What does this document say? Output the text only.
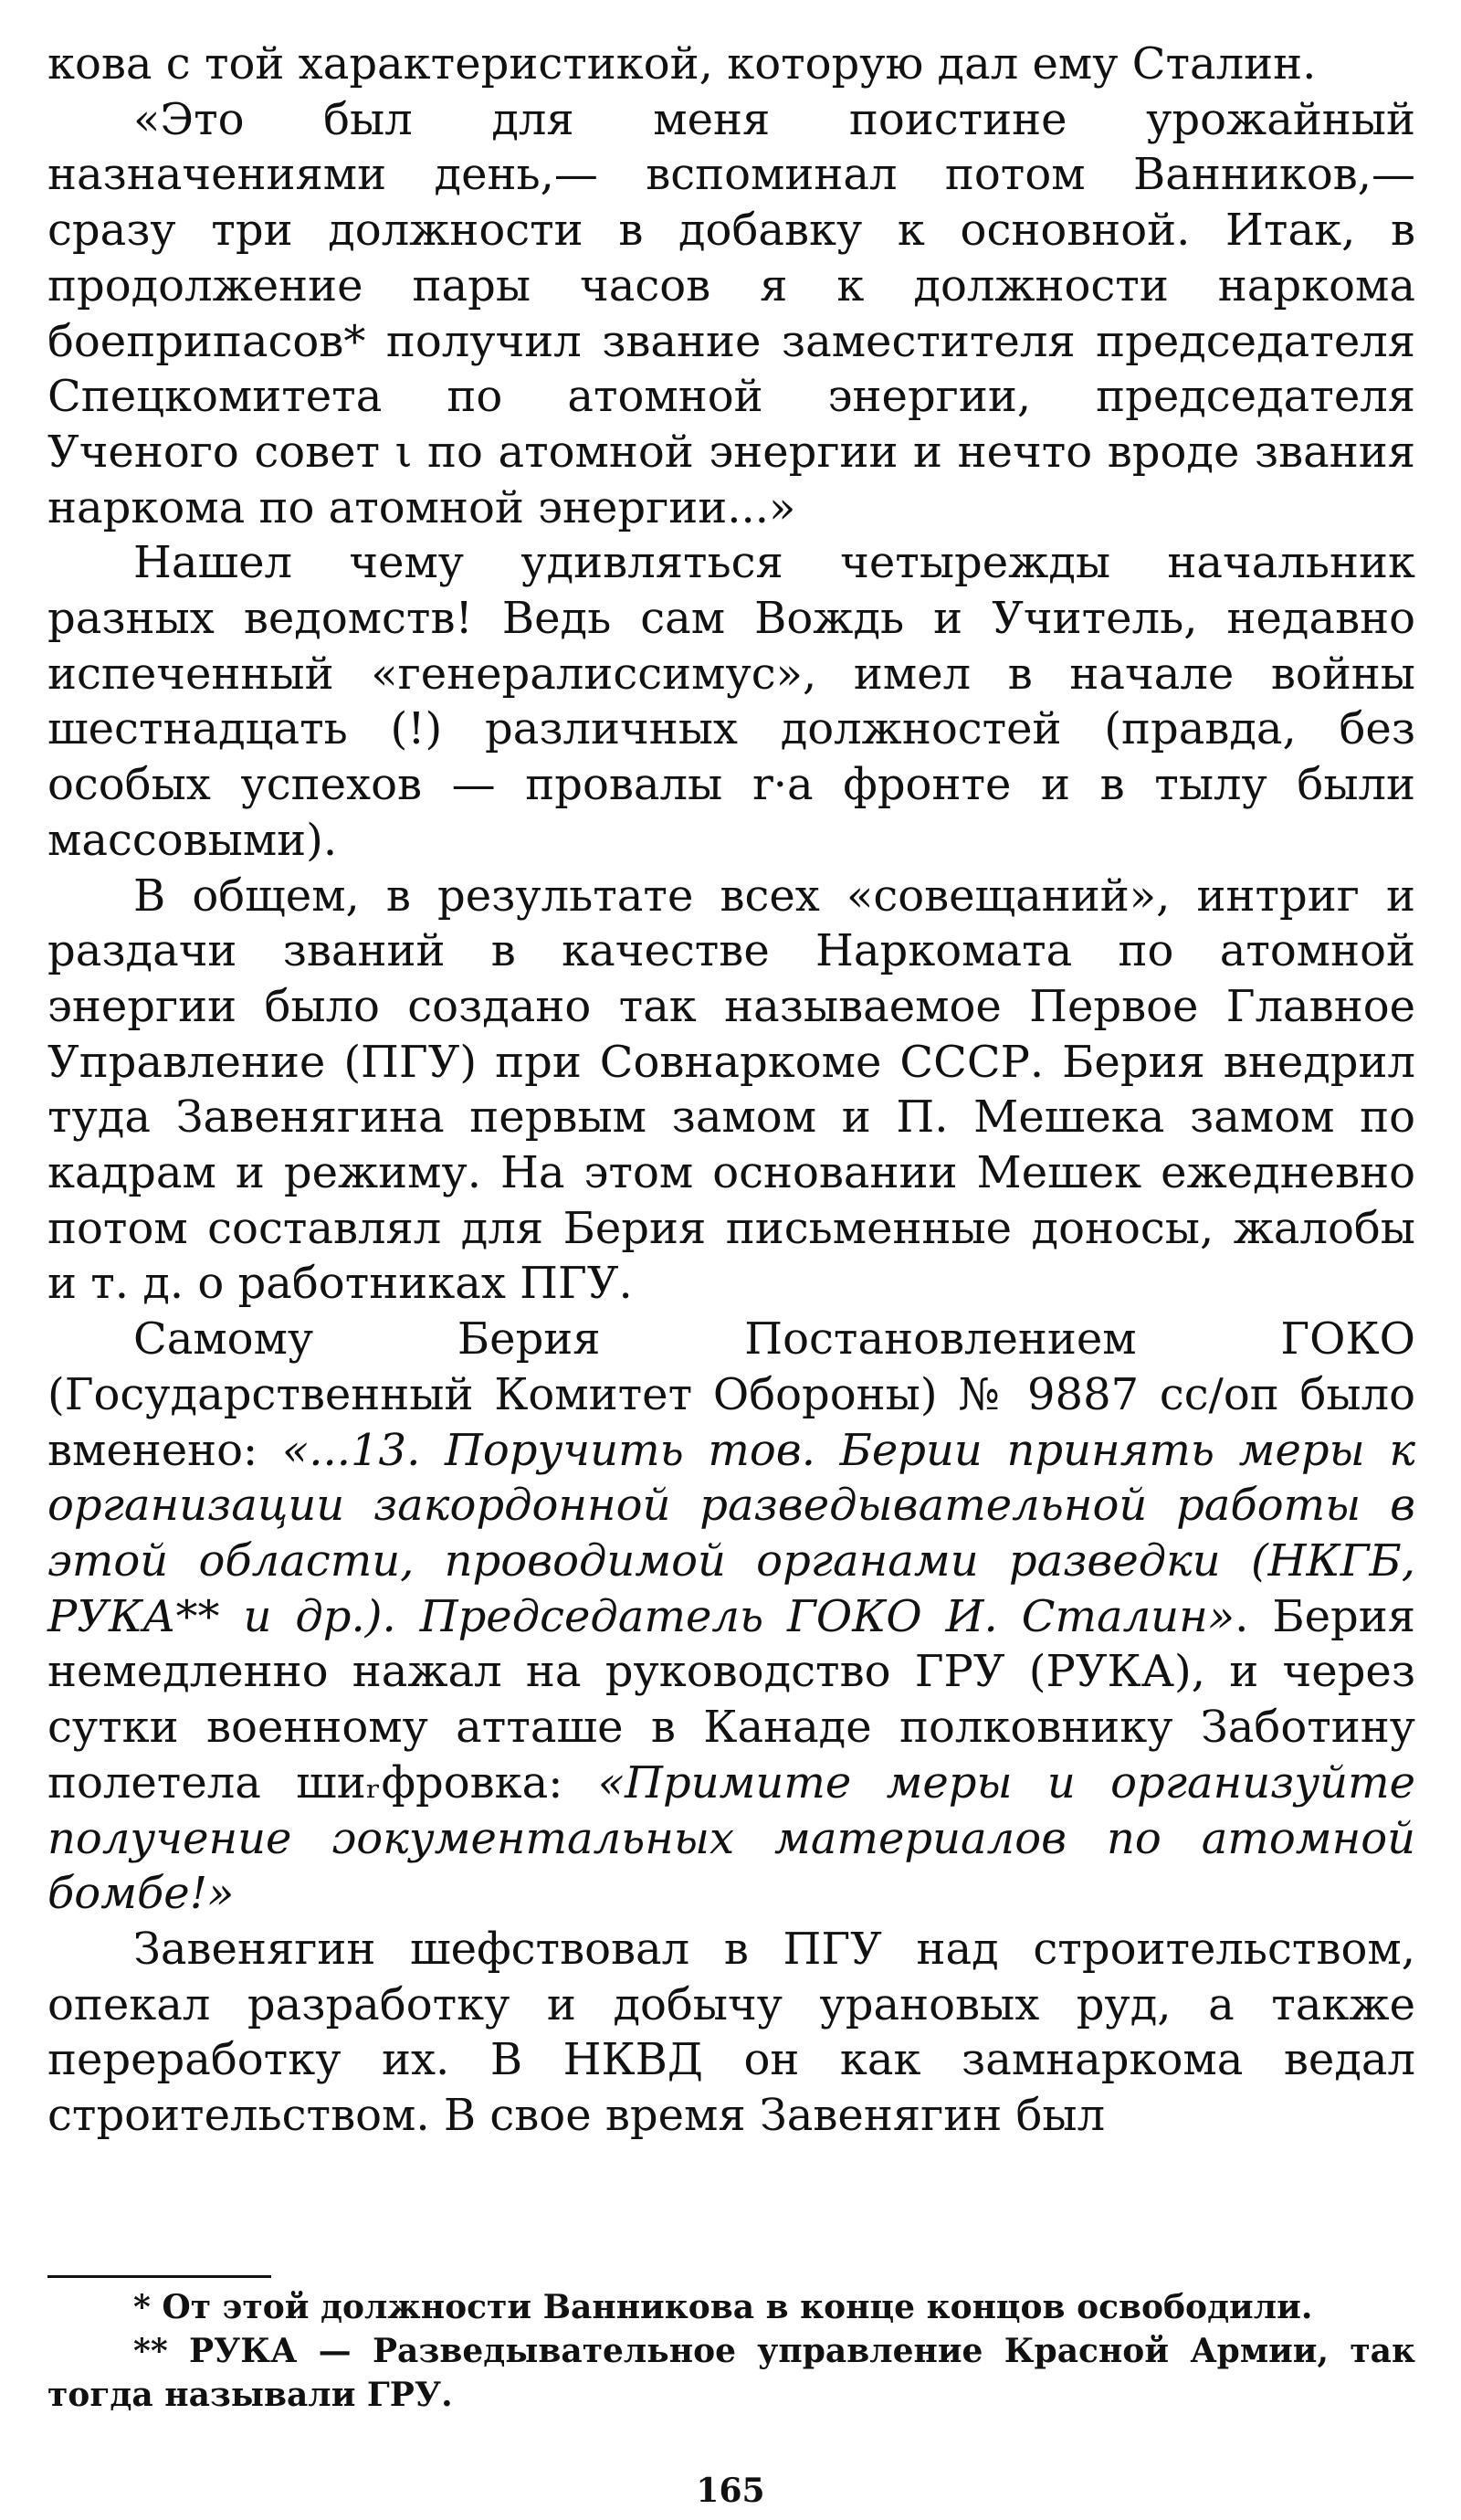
кова с той характеристикой, которую дал ему Сталин.

«Это был для меня поистине урожайный назначениями день,— вспоминал потом Ванников,— сразу три должности в добавку к основной. Итак, в продолжение пары часов я к должности наркома боеприпасов* получил звание заместителя председателя Спецкомитета по атомной энергии, председателя Ученого совет ι по атомной энергии и нечто вроде звания наркома по атомной энергии...»

Нашел чему удивляться четырежды начальник разных ведомств! Ведь сам Вождь и Учитель, недавно испеченный «генералиссимус», имел в начале войны шестнадцать (!) различных должностей (правда, без особых успехов — провалы r·a фронте и в тылу были массовыми).

В общем, в результате всех «совещаний», интриг и раздачи званий в качестве Наркомата по атомной энергии было создано так называемое Первое Главное Управление (ПГУ) при Совнаркоме СССР. Берия внедрил туда Завенягина первым замом и П. Мешека замом по кадрам и режиму. На этом основании Мешек ежедневно потом составлял для Берия письменные доносы, жалобы и т. д. о работниках ПГУ.

Самому Берия Постановлением ГОКО (Государственный Комитет Обороны) № 9887 сс/оп было вменено: «...13. Поручить тов. Берии принять меры к организации закордонной разведывательной работы в этой области, проводимой органами разведки (НКГБ, РУКА** и др.). Председатель ГОКО И. Сталин». Берия немедленно нажал на руководство ГРУ (РУКА), и через сутки военному атташе в Канаде полковнику Заботину полетела шиᵣфровка: «Примите меры и организуйте получение ɔокументальных материалов по атомной бомбе!»

Завенягин шефствовал в ПГУ над строительством, опекал разработку и добычу урановых руд, а также переработку их. В НКВД он как замнаркома ведал строительством. В свое время Завенягин был

* От этой должности Ванникова в конце концов освободили.

** РУКА — Разведывательное управление Красной Армии, так тогда называли ГРУ.

165
